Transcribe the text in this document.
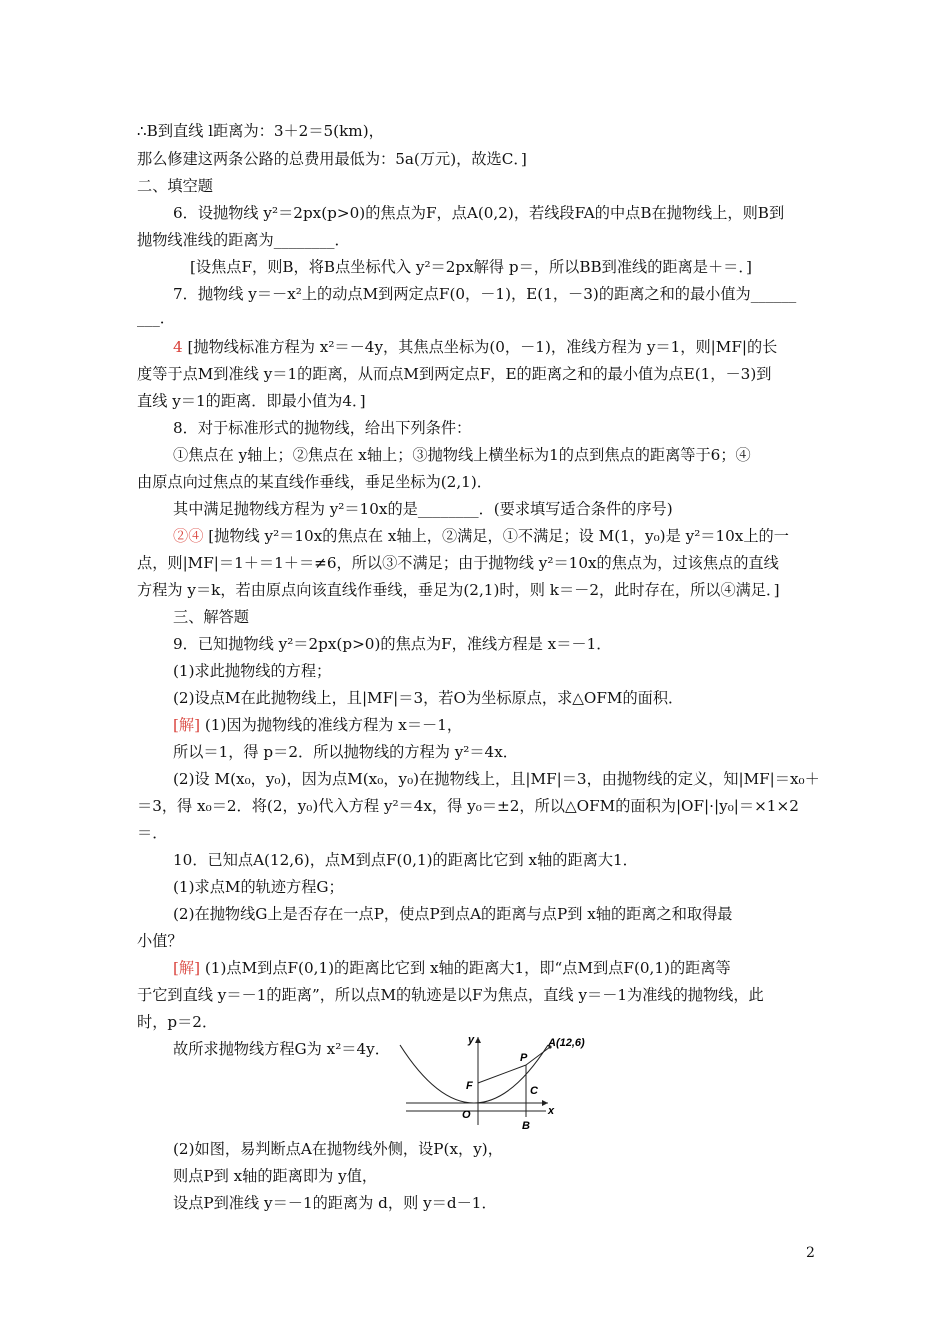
∴B到直线 l距离为：3＋2＝5(km)，
那么修建这两条公路的总费用最低为：5a(万元)，故选C．]
二、填空题
6．设抛物线 y²＝2px(p>0)的焦点为F，点A(0,2)，若线段FA的中点B在抛物线上，则B到
抛物线准线的距离为________．
[设焦点F，则B，将B点坐标代入 y²＝2px解得 p＝，所以BB到准线的距离是＋＝．]
7．抛物线 y＝－x²上的动点M到两定点F(0，－1)，E(1，－3)的距离之和的最小值为______
___．
4 [抛物线标准方程为 x²＝－4y，其焦点坐标为(0，－1)，准线方程为 y＝1，则|MF|的长
度等于点M到准线 y＝1的距离，从而点M到两定点F，E的距离之和的最小值为点E(1，－3)到
直线 y＝1的距离．即最小值为4．]
8．对于标准形式的抛物线，给出下列条件：
①焦点在 y轴上；②焦点在 x轴上；③抛物线上横坐标为1的点到焦点的距离等于6；④
由原点向过焦点的某直线作垂线，垂足坐标为(2,1)．
其中满足抛物线方程为 y²＝10x的是________．(要求填写适合条件的序号)
②④ [抛物线 y²＝10x的焦点在 x轴上，②满足，①不满足；设 M(1，y₀)是 y²＝10x上的一
点，则|MF|＝1＋＝1＋＝≠6，所以③不满足；由于抛物线 y²＝10x的焦点为，过该焦点的直线
方程为 y＝k，若由原点向该直线作垂线，垂足为(2,1)时，则 k＝－2，此时存在，所以④满足．]
三、解答题
9．已知抛物线 y²＝2px(p>0)的焦点为F，准线方程是 x＝－1．
(1)求此抛物线的方程；
(2)设点M在此抛物线上，且|MF|＝3，若O为坐标原点，求△OFM的面积．
[解] (1)因为抛物线的准线方程为 x＝－1，
所以＝1，得 p＝2．所以抛物线的方程为 y²＝4x．
(2)设 M(x₀，y₀)，因为点M(x₀，y₀)在抛物线上，且|MF|＝3，由抛物线的定义，知|MF|＝x₀＋
＝3，得 x₀＝2．将(2，y₀)代入方程 y²＝4x，得 y₀＝±2，所以△OFM的面积为|OF|·|y₀|＝×1×2
＝．
10．已知点A(12,6)，点M到点F(0,1)的距离比它到 x轴的距离大1．
(1)求点M的轨迹方程G；
(2)在抛物线G上是否存在一点P，使点P到点A的距离与点P到 x轴的距离之和取得最
小值？
[解] (1)点M到点F(0,1)的距离比它到 x轴的距离大1，即“点M到点F(0,1)的距离等
于它到直线 y＝－1的距离”，所以点M的轨迹是以F为焦点，直线 y＝－1为准线的抛物线，此
时，p＝2．
故所求抛物线方程G为 x²＝4y．	A(12,6)
y
x
P
F
O
C
B
(2)如图，易判断点A在抛物线外侧，设P(x，y)，
则点P到 x轴的距离即为 y值，
设点P到准线 y＝－1的距离为 d，则 y＝d－1．
2
